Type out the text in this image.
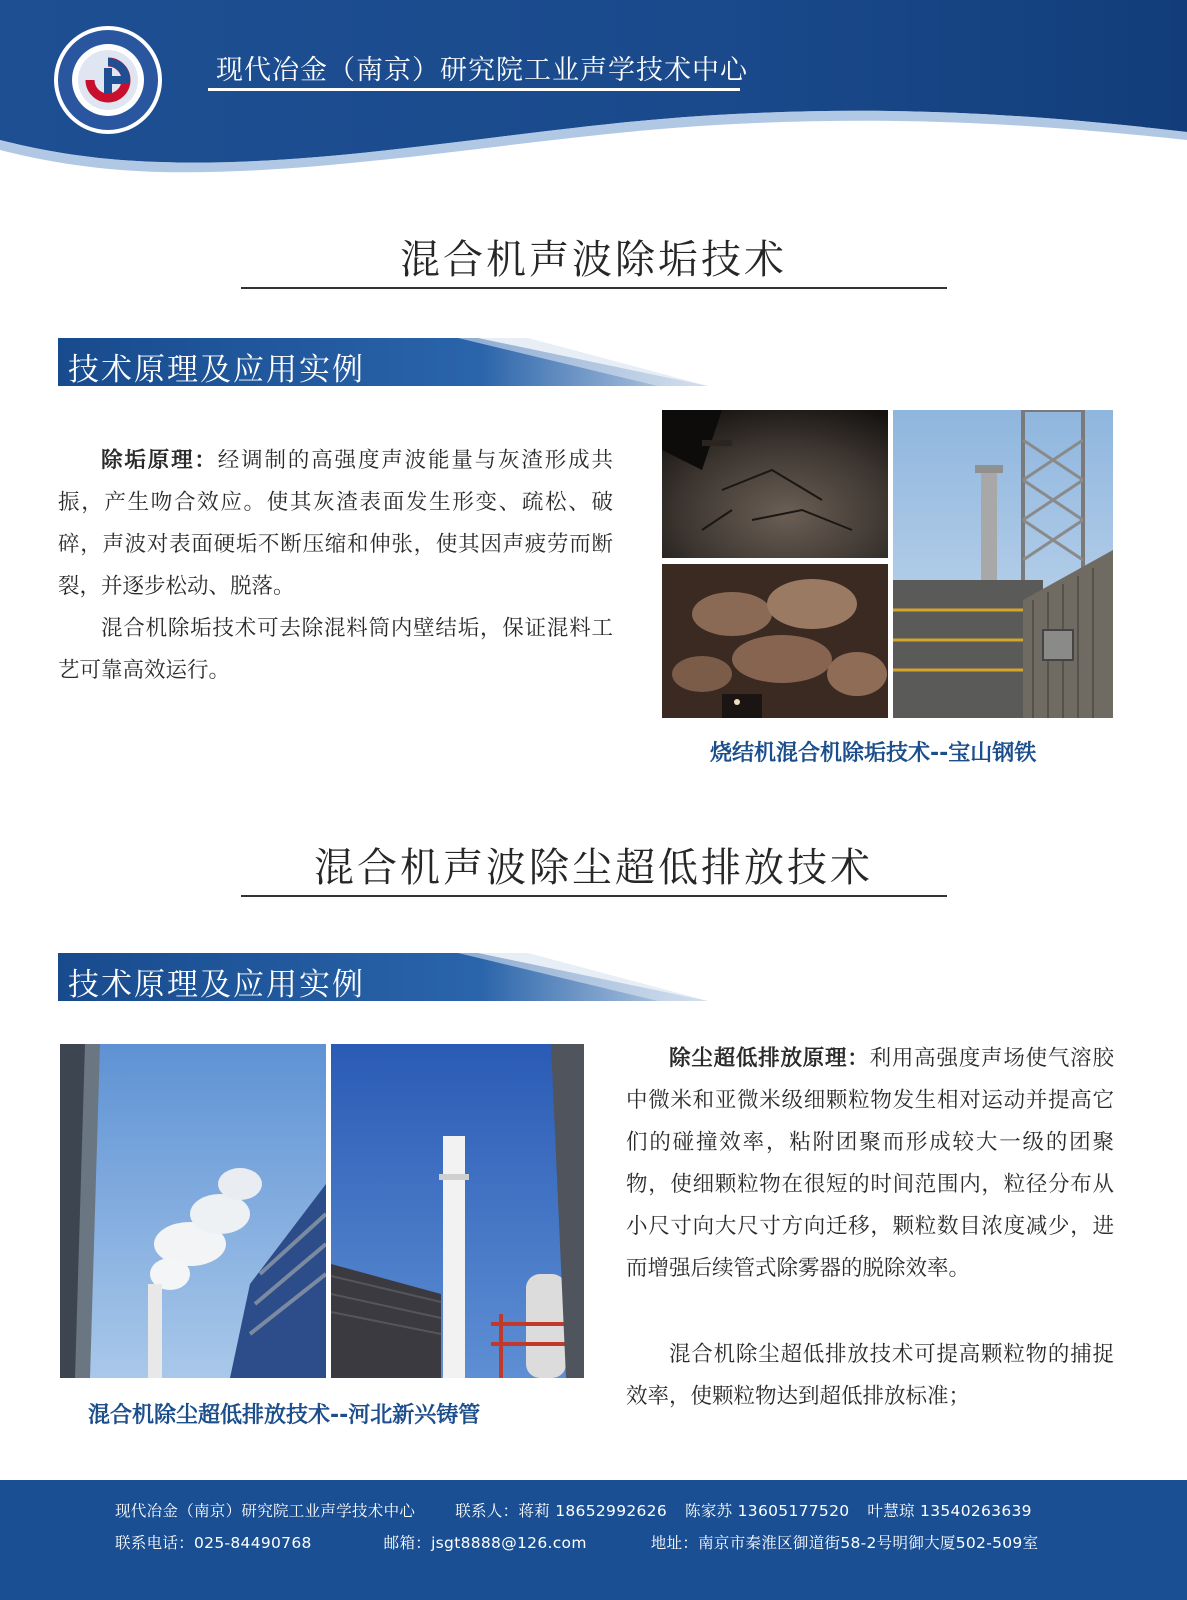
现代冶金（南京）研究院工业声学技术中心
混合机声波除垢技术
技术原理及应用实例
除垢原理：经调制的高强度声波能量与灰渣形成共振，产生吻合效应。使其灰渣表面发生形变、疏松、破碎，声波对表面硬垢不断压缩和伸张，使其因声疲劳而断裂，并逐步松动、脱落。
混合机除垢技术可去除混料筒内壁结垢，保证混料工艺可靠高效运行。
烧结机混合机除垢技术--宝山钢铁
混合机声波除尘超低排放技术
技术原理及应用实例
混合机除尘超低排放技术--河北新兴铸管
除尘超低排放原理：利用高强度声场使气溶胶中微米和亚微米级细颗粒物发生相对运动并提高它们的碰撞效率，粘附团聚而形成较大一级的团聚物，使细颗粒物在很短的时间范围内，粒径分布从小尺寸向大尺寸方向迁移，颗粒数目浓度减少，进而增强后续管式除雾器的脱除效率。
混合机除尘超低排放技术可提高颗粒物的捕捉效率，使颗粒物达到超低排放标准；
现代冶金（南京）研究院工业声学技术中心	联系人：蒋莉 18652992626 陈家苏 13605177520 叶慧琼 13540263639
联系电话：025-84490768	邮箱：jsgt8888@126.com	地址：南京市秦淮区御道街58-2号明御大厦502-509室
